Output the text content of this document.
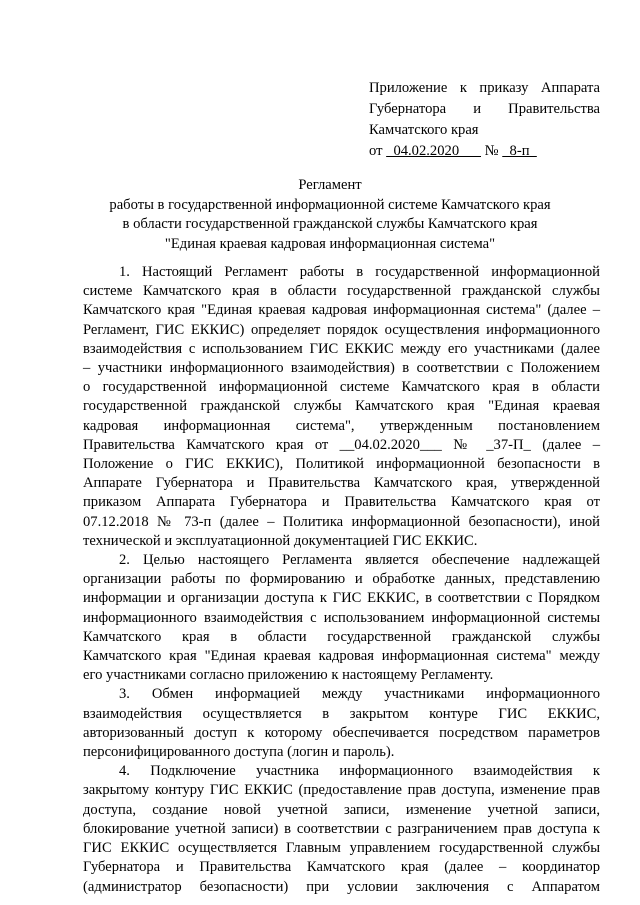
Приложение к приказу Аппарата
Губернатора и Правительства
Камчатского края
от   04.02.2020       №   8-п
Регламент
работы в государственной информационной системе Камчатского края
в области государственной гражданской службы Камчатского края
"Единая краевая кадровая информационная система"
1. Настоящий Регламент работы в государственной информационной
системе Камчатского края в области государственной гражданской службы
Камчатского края "Единая краевая кадровая информационная система" (далее –
Регламент, ГИС ЕККИС) определяет порядок осуществления информационного
взаимодействия с использованием ГИС ЕККИС между его участниками (далее
– участники информационного взаимодействия) в соответствии с Положением
о государственной информационной системе Камчатского края в области
государственной гражданской службы Камчатского края "Единая краевая
кадровая информационная система", утвержденным постановлением
Правительства Камчатского края от __04.02.2020___ № _37-П_ (далее –
Положение о ГИС ЕККИС), Политикой информационной безопасности в
Аппарате Губернатора и Правительства Камчатского края, утвержденной
приказом Аппарата Губернатора и Правительства Камчатского края от
07.12.2018 № 73-п (далее – Политика информационной безопасности), иной
технической и эксплуатационной документацией ГИС ЕККИС.
2. Целью настоящего Регламента является обеспечение надлежащей
организации работы по формированию и обработке данных, представлению
информации и организации доступа к ГИС ЕККИС, в соответствии с Порядком
информационного взаимодействия с использованием информационной системы
Камчатского края в области государственной гражданской службы
Камчатского края "Единая краевая кадровая информационная система" между
его участниками согласно приложению к настоящему Регламенту.
3. Обмен информацией между участниками информационного
взаимодействия осуществляется в закрытом контуре ГИС ЕККИС,
авторизованный доступ к которому обеспечивается посредством параметров
персонифицированного доступа (логин и пароль).
4. Подключение участника информационного взаимодействия к
закрытому контуру ГИС ЕККИС (предоставление прав доступа, изменение прав
доступа, создание новой учетной записи, изменение учетной записи,
блокирование учетной записи) в соответствии с разграничением прав доступа к
ГИС ЕККИС осуществляется Главным управлением государственной службы
Губернатора и Правительства Камчатского края (далее – координатор
(администратор безопасности) при условии заключения с Аппаратом
